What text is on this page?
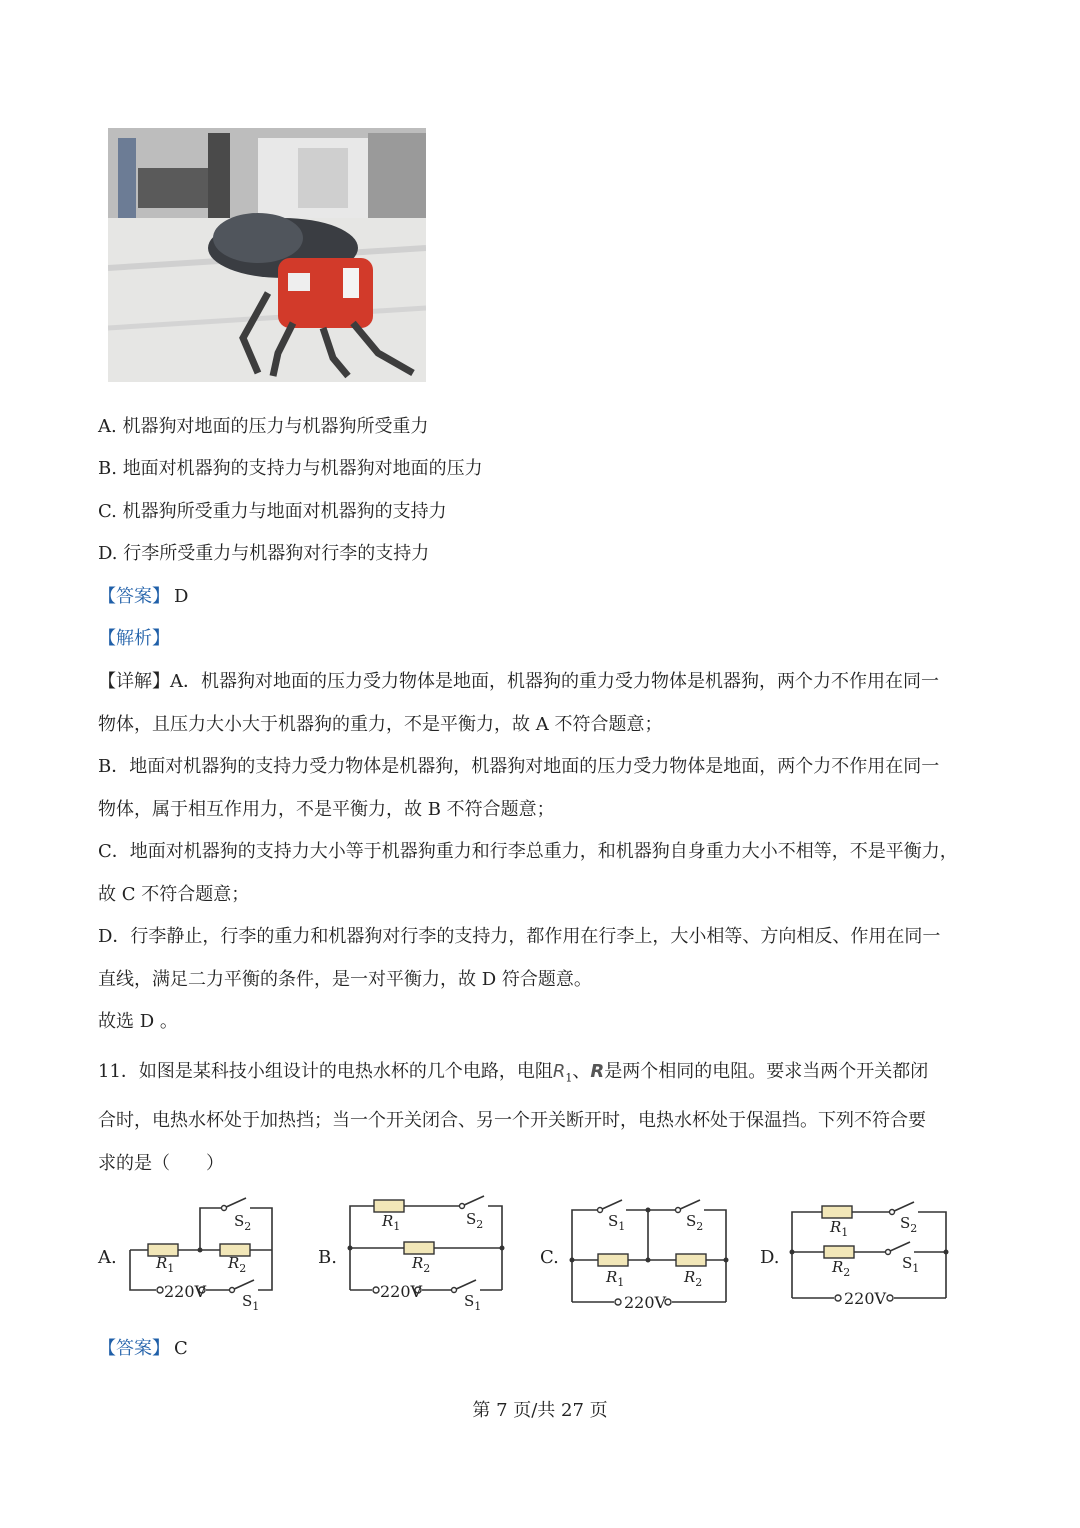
A. 机器狗对地面的压力与机器狗所受重力
B. 地面对机器狗的支持力与机器狗对地面的压力
C. 机器狗所受重力与地面对机器狗的支持力
D. 行李所受重力与机器狗对行李的支持力
【答案】 D
【解析】
【详解】A．机器狗对地面的压力受力物体是地面，机器狗的重力受力物体是机器狗，两个力不作用在同一
物体，且压力大小大于机器狗的重力，不是平衡力，故 A 不符合题意；
B．地面对机器狗的支持力受力物体是机器狗，机器狗对地面的压力受力物体是地面，两个力不作用在同一
物体，属于相互作用力，不是平衡力，故 B 不符合题意；
C．地面对机器狗的支持力大小等于机器狗重力和行李总重力，和机器狗自身重力大小不相等，不是平衡力，
故 C 不符合题意；
D．行李静止，行李的重力和机器狗对行李的支持力，都作用在行李上，大小相等、方向相反、作用在同一
直线，满足二力平衡的条件，是一对平衡力，故 D 符合题意。
故选 D 。
11．如图是某科技小组设计的电热水杯的几个电路，电阻$R_1$、R是两个相同的电阻。要求当两个开关都闭
合时，电热水杯处于加热挡；当一个开关闭合、另一个开关断开时，电热水杯处于保温挡。下列不符合要
求的是（　　）
A.	$R_1$	$R_2$
$S_2$
$S_1$
220V
B.
$R_1$
$R_2$
$S_2$
$S_1$
220V
C.
$S_1$	$S_2$
$R_1$	$R_2$
220V
D.
$R_1$
$R_2$
$S_2$
$S_1$
220V
【答案】 C
第 7 页/共 27 页
